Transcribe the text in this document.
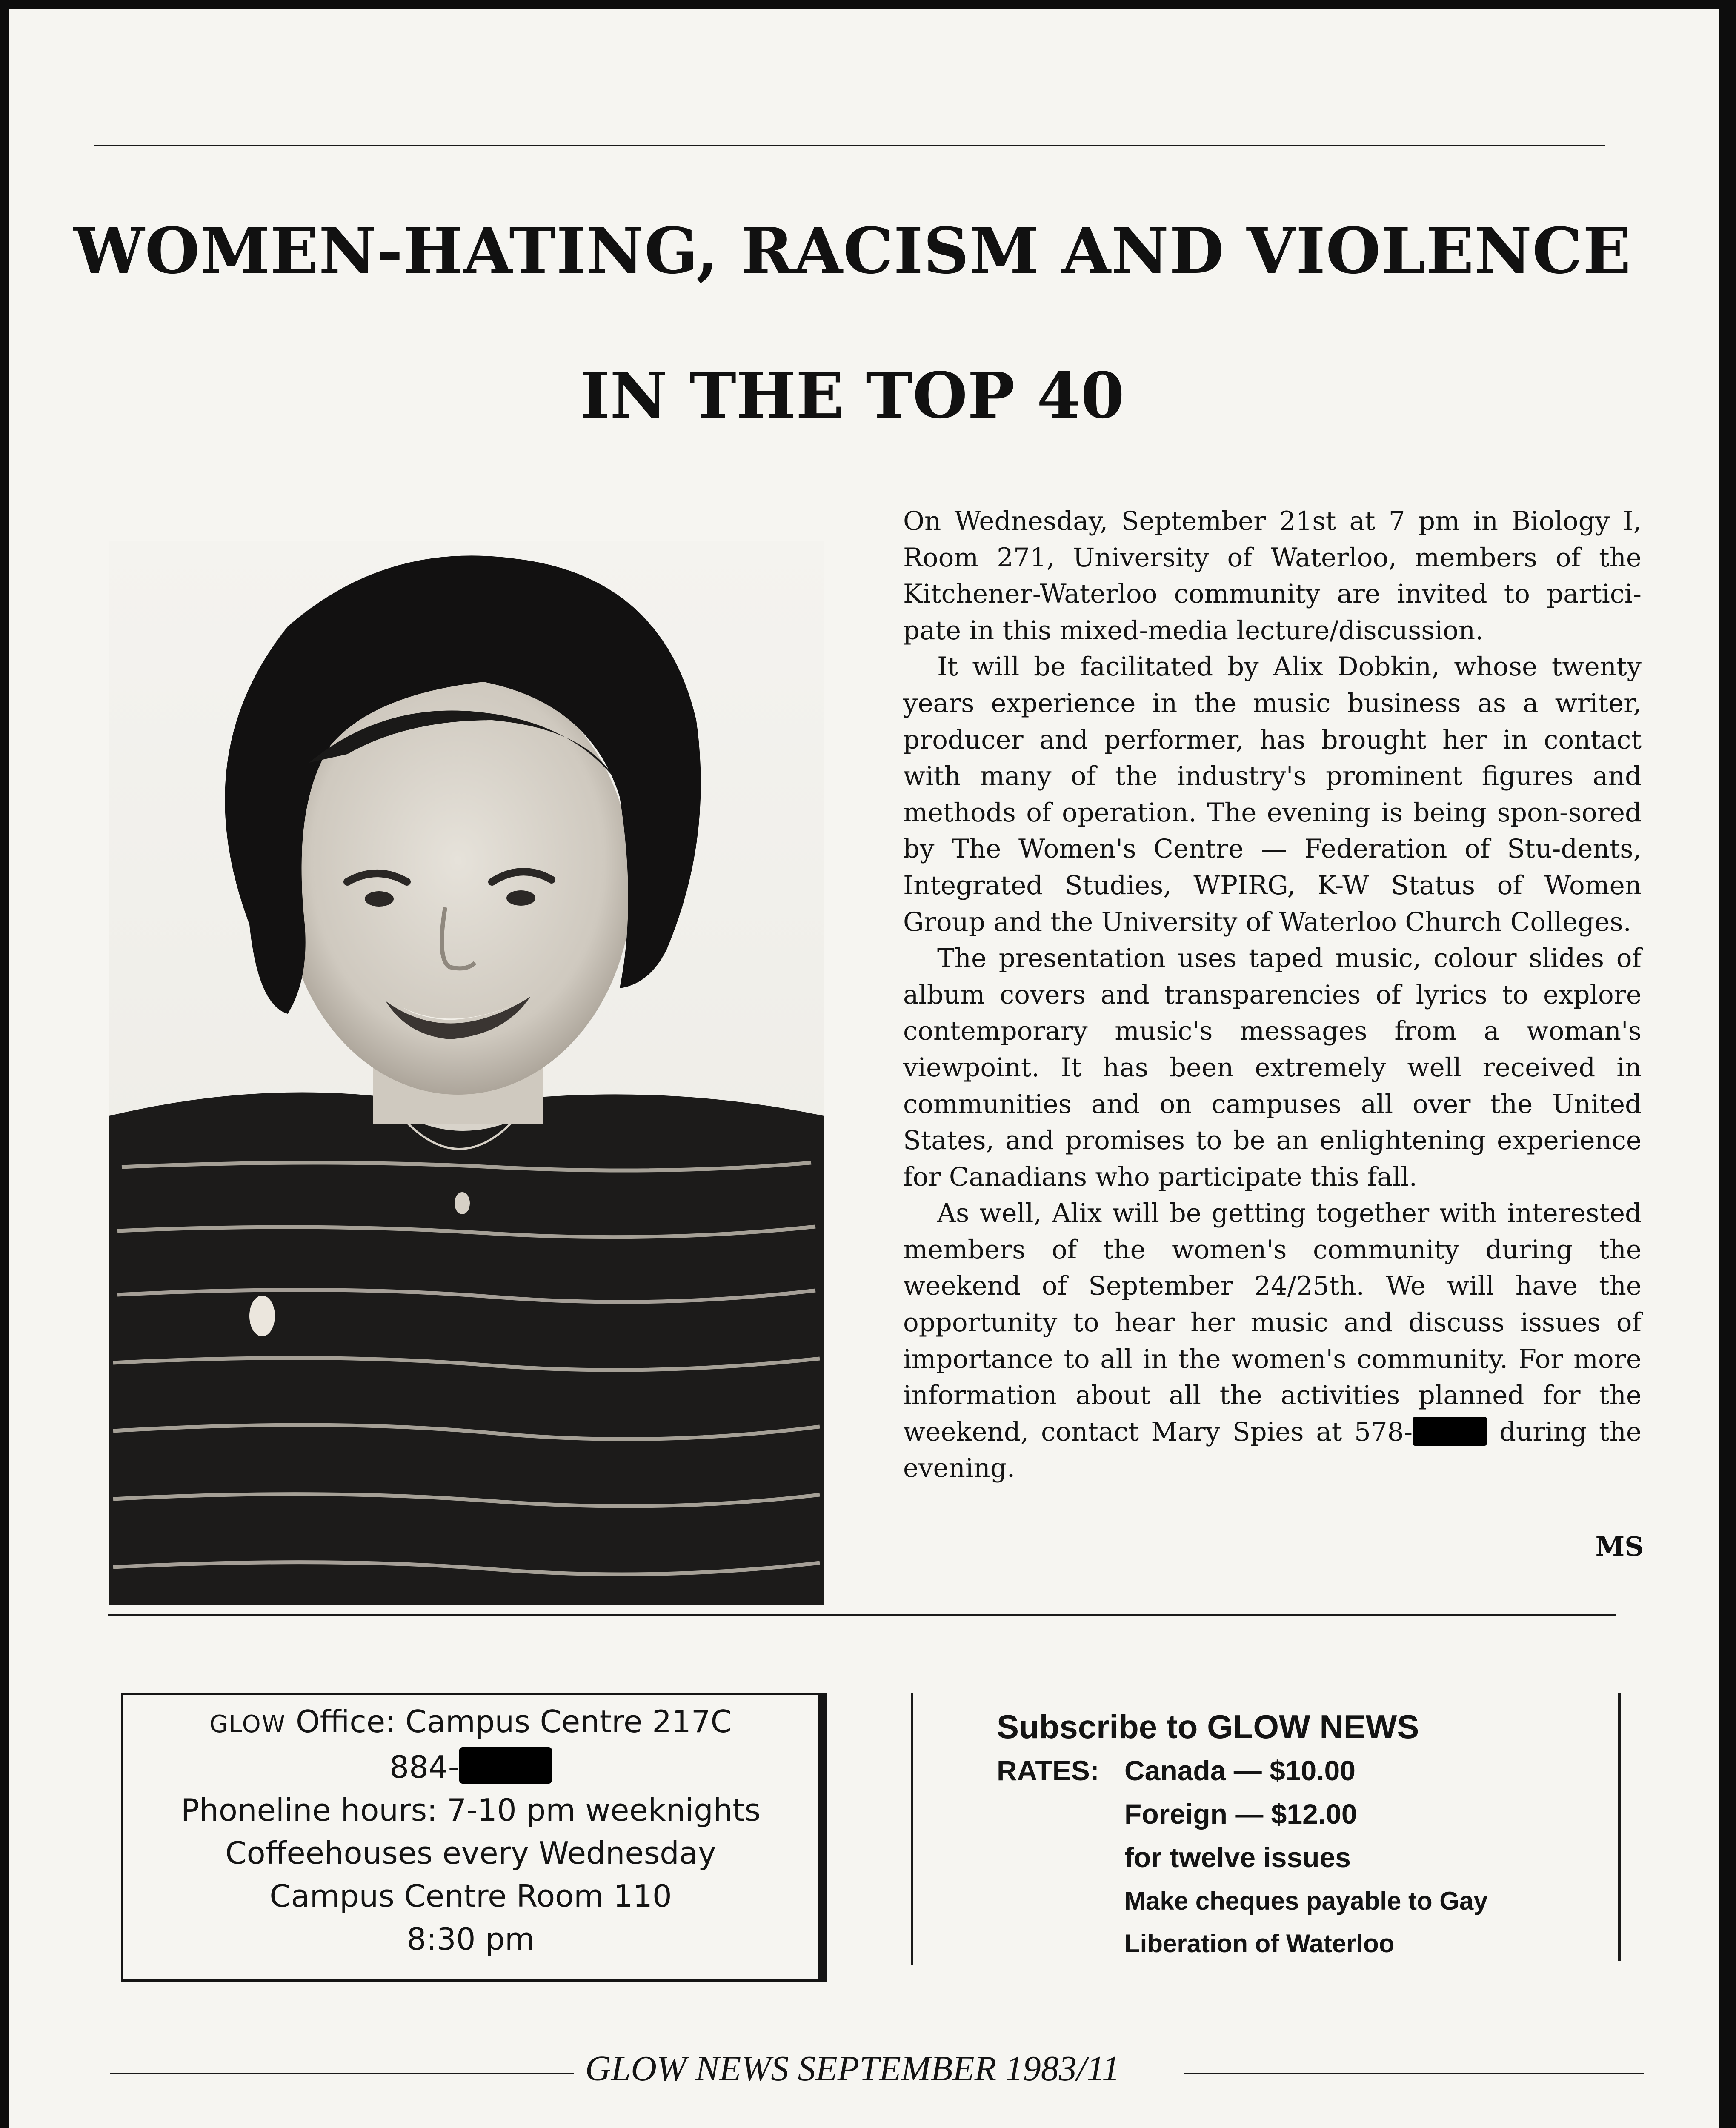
WOMEN-HATING, RACISM AND VIOLENCE
IN THE TOP 40

On Wednesday, September 21st at 7 pm in Biology I, Room 271, University of Waterloo, members of the Kitchener-Waterloo community are invited to partici-pate in this mixed-media lecture/discussion.

It will be facilitated by Alix Dobkin, whose twenty years experience in the music business as a writer, producer and performer, has brought her in contact with many of the industry's prominent figures and methods of operation. The evening is being spon-sored by The Women's Centre — Federation of Stu-dents, Integrated Studies, WPIRG, K-W Status of Women Group and the University of Waterloo Church Colleges.

The presentation uses taped music, colour slides of album covers and transparencies of lyrics to explore contemporary music's messages from a woman's viewpoint. It has been extremely well received in communities and on campuses all over the United States, and promises to be an enlightening experience for Canadians who participate this fall.

As well, Alix will be getting together with interested members of the women's community during the weekend of September 24/25th. We will have the opportunity to hear her music and discuss issues of importance to all in the women's community. For more information about all the activities planned for the weekend, contact Mary Spies at 578-	during the evening.

MS
GLOW Office: Campus Centre 217C
884-
Phoneline hours: 7-10 pm weeknights
Coffeehouses every Wednesday
Campus Centre Room 110
8:30 pm
Subscribe to GLOW NEWS
RATES: Canada — $10.00
Foreign — $12.00
for twelve issues
Make cheques payable to Gay
Liberation of Waterloo
GLOW NEWS SEPTEMBER 1983/11
